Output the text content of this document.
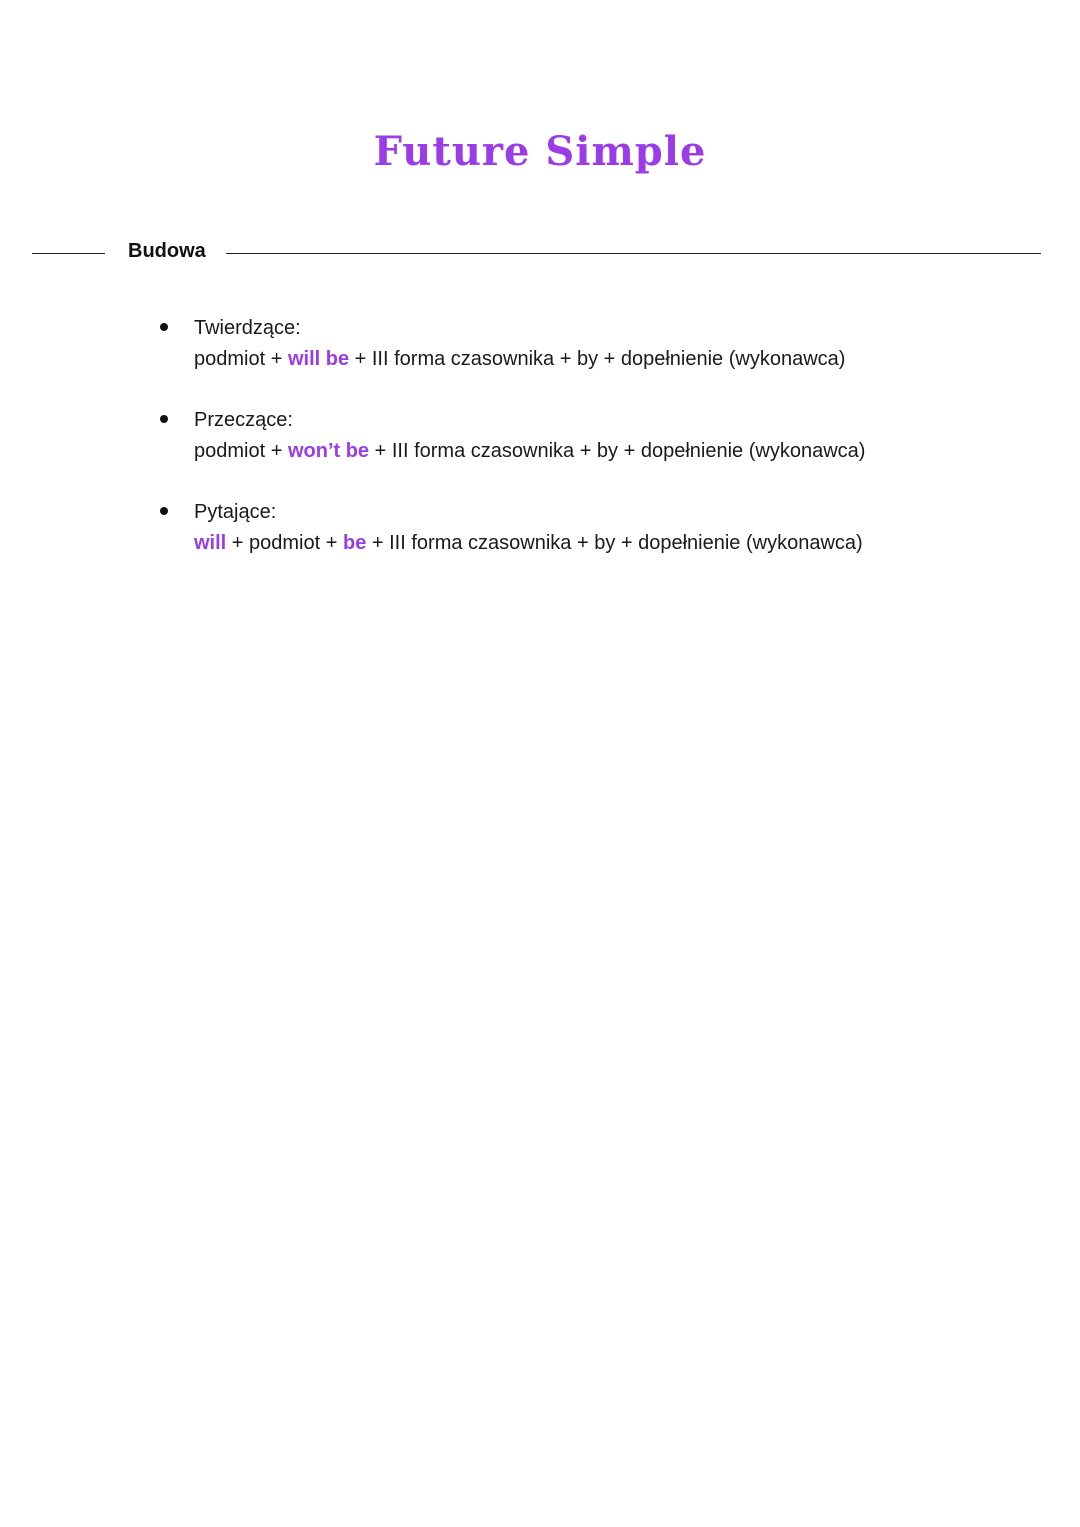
Future Simple
Budowa
Twierdzące:
podmiot + will be + III forma czasownika + by + dopełnienie (wykonawca)
Przeczące:
podmiot + won’t be + III forma czasownika + by + dopełnienie (wykonawca)
Pytające:
will + podmiot + be + III forma czasownika + by + dopełnienie (wykonawca)
